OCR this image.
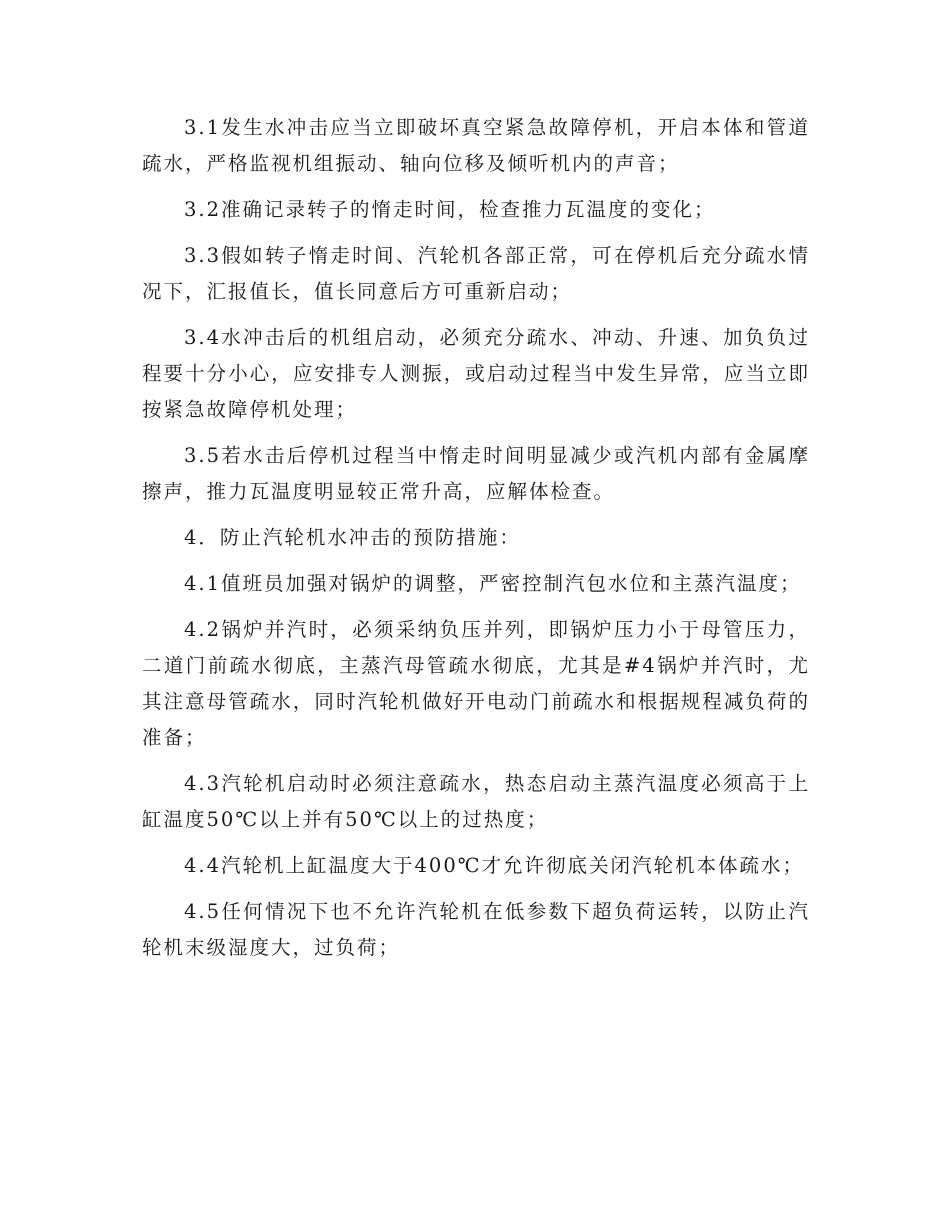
3.1发生水冲击应当立即破坏真空紧急故障停机，开启本体和管道疏水，严格监视机组振动、轴向位移及倾听机内的声音；

3.2准确记录转子的惰走时间，检查推力瓦温度的变化；

3.3假如转子惰走时间、汽轮机各部正常，可在停机后充分疏水情况下，汇报值长，值长同意后方可重新启动；

3.4水冲击后的机组启动，必须充分疏水、冲动、升速、加负负过程要十分小心，应安排专人测振，或启动过程当中发生异常，应当立即按紧急故障停机处理；

3.5若水击后停机过程当中惰走时间明显减少或汽机内部有金属摩擦声，推力瓦温度明显较正常升高，应解体检查。

4．防止汽轮机水冲击的预防措施：

4.1值班员加强对锅炉的调整，严密控制汽包水位和主蒸汽温度；

4.2锅炉并汽时，必须采纳负压并列，即锅炉压力小于母管压力，二道门前疏水彻底，主蒸汽母管疏水彻底，尤其是#4锅炉并汽时，尤其注意母管疏水，同时汽轮机做好开电动门前疏水和根据规程减负荷的准备；

4.3汽轮机启动时必须注意疏水，热态启动主蒸汽温度必须高于上缸温度50℃以上并有50℃以上的过热度；

4.4汽轮机上缸温度大于400℃才允许彻底关闭汽轮机本体疏水；

4.5任何情况下也不允许汽轮机在低参数下超负荷运转，以防止汽轮机末级湿度大，过负荷；
